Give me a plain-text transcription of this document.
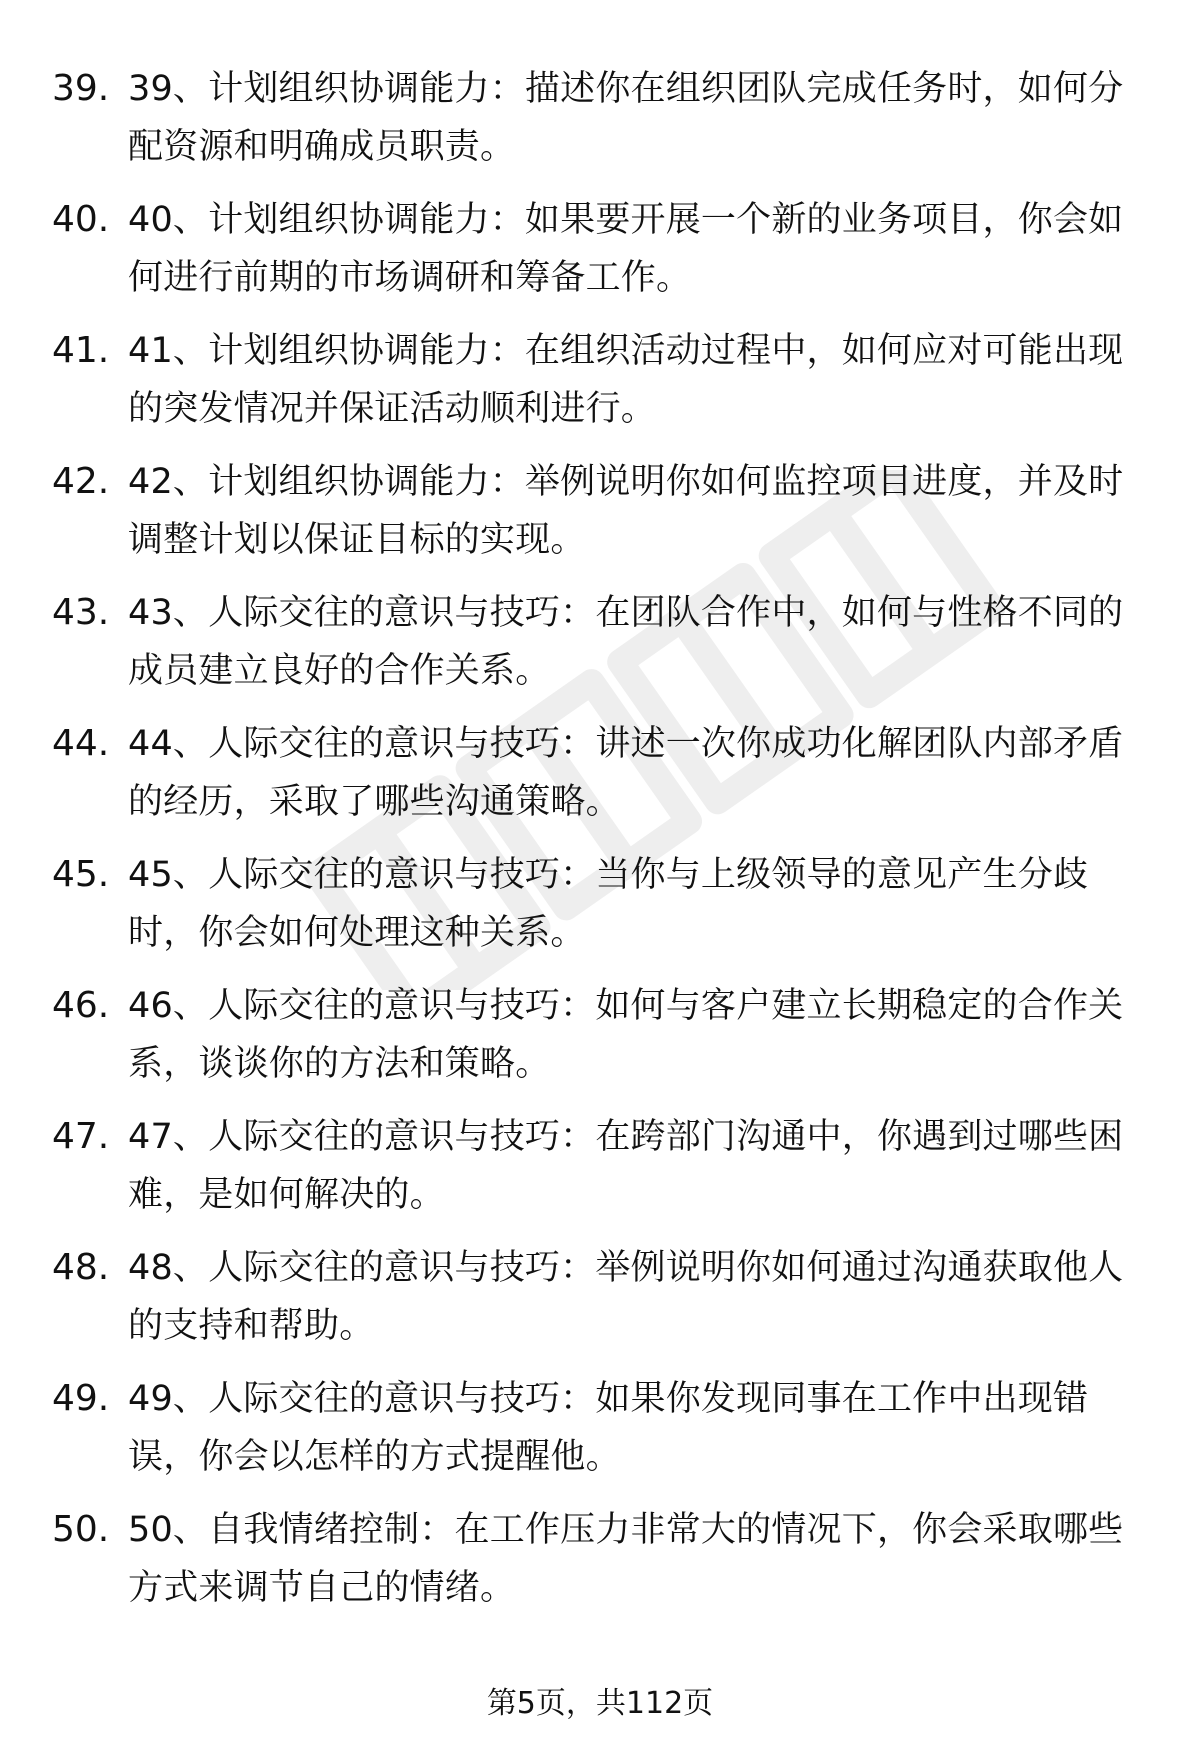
39. 39、计划组织协调能力：描述你在组织团队完成任务时，如何分配资源和明确成员职责。
40. 40、计划组织协调能力：如果要开展一个新的业务项目，你会如何进行前期的市场调研和筹备工作。
41. 41、计划组织协调能力：在组织活动过程中，如何应对可能出现的突发情况并保证活动顺利进行。
42. 42、计划组织协调能力：举例说明你如何监控项目进度，并及时调整计划以保证目标的实现。
43. 43、人际交往的意识与技巧：在团队合作中，如何与性格不同的成员建立良好的合作关系。
44. 44、人际交往的意识与技巧：讲述一次你成功化解团队内部矛盾的经历，采取了哪些沟通策略。
45. 45、人际交往的意识与技巧：当你与上级领导的意见产生分歧时，你会如何处理这种关系。
46. 46、人际交往的意识与技巧：如何与客户建立长期稳定的合作关系，谈谈你的方法和策略。
47. 47、人际交往的意识与技巧：在跨部门沟通中，你遇到过哪些困难，是如何解决的。
48. 48、人际交往的意识与技巧：举例说明你如何通过沟通获取他人的支持和帮助。
49. 49、人际交往的意识与技巧：如果你发现同事在工作中出现错误，你会以怎样的方式提醒他。
50. 50、自我情绪控制：在工作压力非常大的情况下，你会采取哪些方式来调节自己的情绪。
第5页，共112页
